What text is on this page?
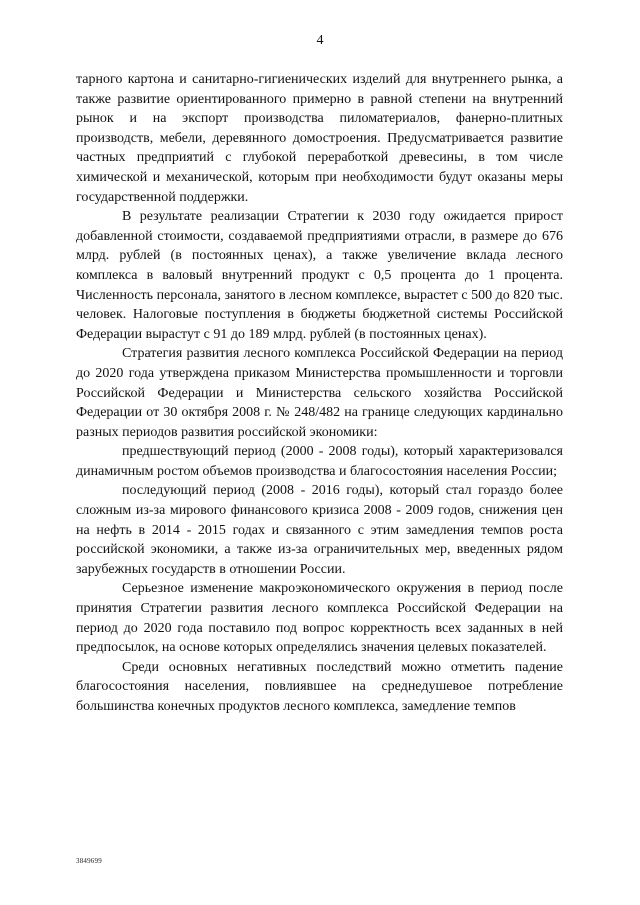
4

тарного картона и санитарно-гигиенических изделий для внутреннего рынка, а также развитие ориентированного примерно в равной степени на внутренний рынок и на экспорт производства пиломатериалов, фанерно-плитных производств, мебели, деревянного домостроения. Предусматривается развитие частных предприятий с глубокой переработкой древесины, в том числе химической и механической, которым при необходимости будут оказаны меры государственной поддержки.

В результате реализации Стратегии к 2030 году ожидается прирост добавленной стоимости, создаваемой предприятиями отрасли, в размере до 676 млрд. рублей (в постоянных ценах), а также увеличение вклада лесного комплекса в валовый внутренний продукт с 0,5 процента до 1 процента. Численность персонала, занятого в лесном комплексе, вырастет с 500 до 820 тыс. человек. Налоговые поступления в бюджеты бюджетной системы Российской Федерации вырастут с 91 до 189 млрд. рублей (в постоянных ценах).

Стратегия развития лесного комплекса Российской Федерации на период до 2020 года утверждена приказом Министерства промышленности и торговли Российской Федерации и Министерства сельского хозяйства Российской Федерации от 30 октября 2008 г. № 248/482 на границе следующих кардинально разных периодов развития российской экономики:

предшествующий период (2000 - 2008 годы), который характеризовался динамичным ростом объемов производства и благосостояния населения России;

последующий период (2008 - 2016 годы), который стал гораздо более сложным из-за мирового финансового кризиса 2008 - 2009 годов, снижения цен на нефть в 2014 - 2015 годах и связанного с этим замедления темпов роста российской экономики, а также из-за ограничительных мер, введенных рядом зарубежных государств в отношении России.

Серьезное изменение макроэкономического окружения в период после принятия Стратегии развития лесного комплекса Российской Федерации на период до 2020 года поставило под вопрос корректность всех заданных в ней предпосылок, на основе которых определялись значения целевых показателей.

Среди основных негативных последствий можно отметить падение благосостояния населения, повлиявшее на среднедушевое потребление большинства конечных продуктов лесного комплекса, замедление темпов

3849699
